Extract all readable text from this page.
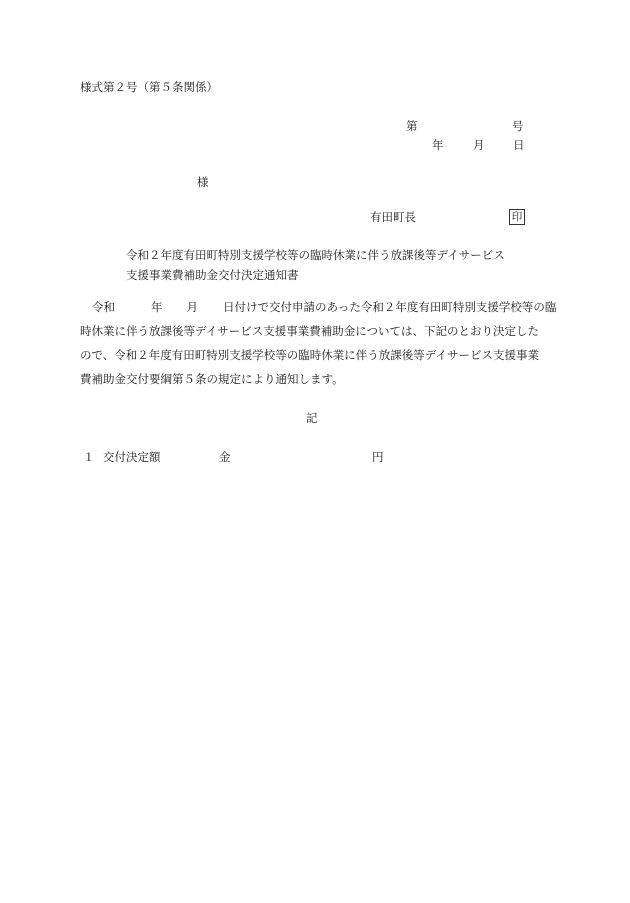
様式第２号（第５条関係）
第	号
年	月 日
様
有田町長	印
令和２年度有田町特別支援学校等の臨時休業に伴う放課後等デイサービス
支援事業費補助金交付決定通知書
令和	年 月 日付けで交付申請のあった令和２年度有田町特別支援学校等の臨
時休業に伴う放課後等デイサービス支援事業費補助金については、下記のとおり決定した
ので、令和２年度有田町特別支援学校等の臨時休業に伴う放課後等デイサービス支援事業
費補助金交付要綱第５条の規定により通知します。
記
１ 交付決定額	金	円
